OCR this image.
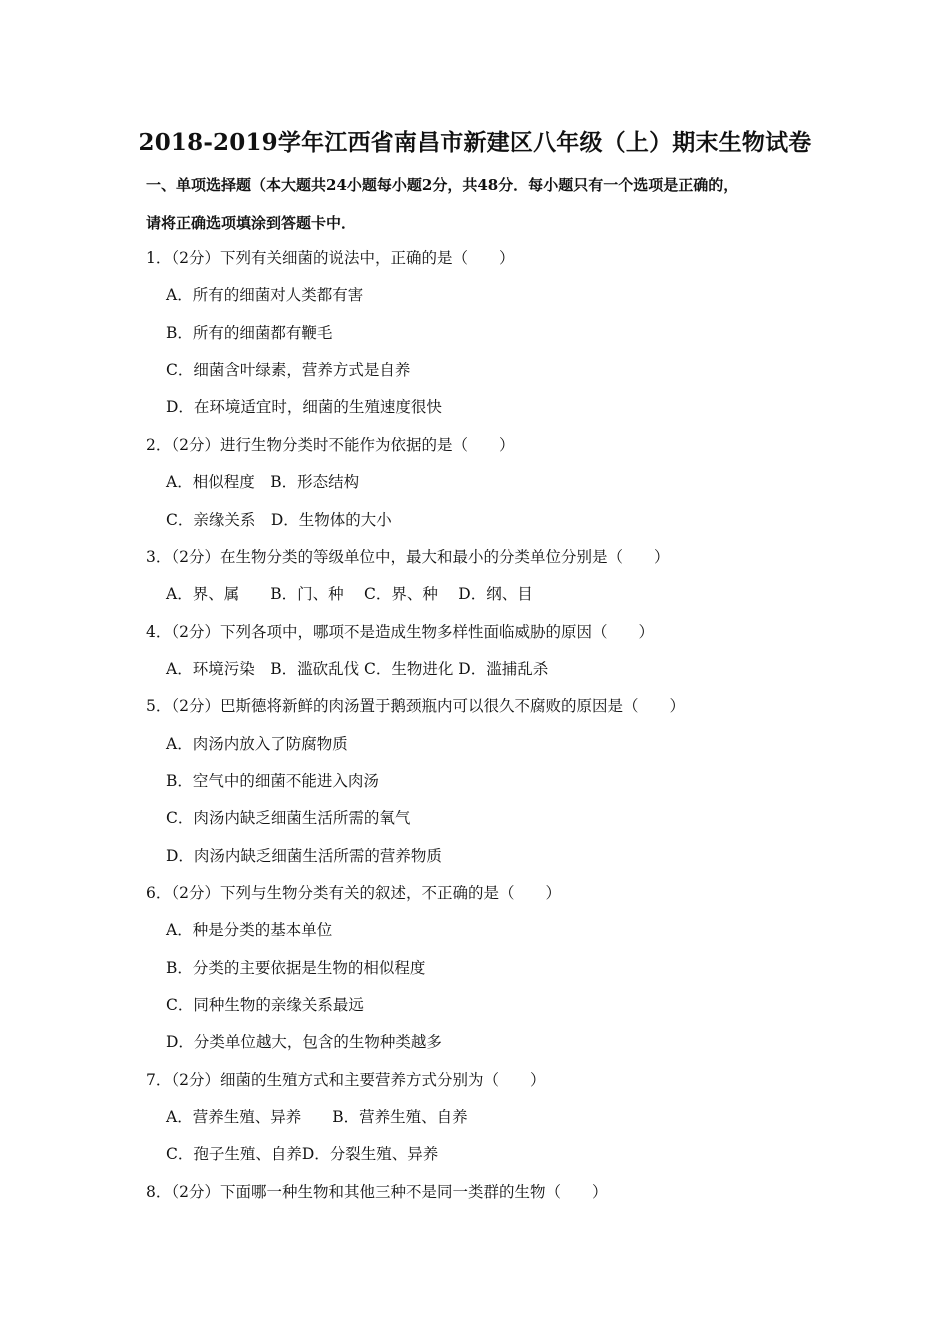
2018-2019学年江西省南昌市新建区八年级（上）期末生物试卷
一、单项选择题（本大题共24小题每小题2分，共48分．每小题只有一个选项是正确的，
请将正确选项填涂到答题卡中．
1．（2分）下列有关细菌的说法中，正确的是（　　）
A．所有的细菌对人类都有害
B．所有的细菌都有鞭毛
C．细菌含叶绿素，营养方式是自养
D．在环境适宜时，细菌的生殖速度很快
2．（2分）进行生物分类时不能作为依据的是（　　）
A．相似程度　B．形态结构
C．亲缘关系　D．生物体的大小
3．（2分）在生物分类的等级单位中，最大和最小的分类单位分别是（　　）
A．界、属　　B．门、种　 C．界、种　 D．纲、目
4．（2分）下列各项中，哪项不是造成生物多样性面临威胁的原因（　　）
A．环境污染　B．滥砍乱伐 C．生物进化 D．滥捕乱杀
5．（2分）巴斯德将新鲜的肉汤置于鹅颈瓶内可以很久不腐败的原因是（　　）
A．肉汤内放入了防腐物质
B．空气中的细菌不能进入肉汤
C．肉汤内缺乏细菌生活所需的氧气
D．肉汤内缺乏细菌生活所需的营养物质
6．（2分）下列与生物分类有关的叙述，不正确的是（　　）
A．种是分类的基本单位
B．分类的主要依据是生物的相似程度
C．同种生物的亲缘关系最远
D．分类单位越大，包含的生物种类越多
7．（2分）细菌的生殖方式和主要营养方式分别为（　　）
A．营养生殖、异养　　B．营养生殖、自养
C．孢子生殖、自养D．分裂生殖、异养
8．（2分）下面哪一种生物和其他三种不是同一类群的生物（　　）
